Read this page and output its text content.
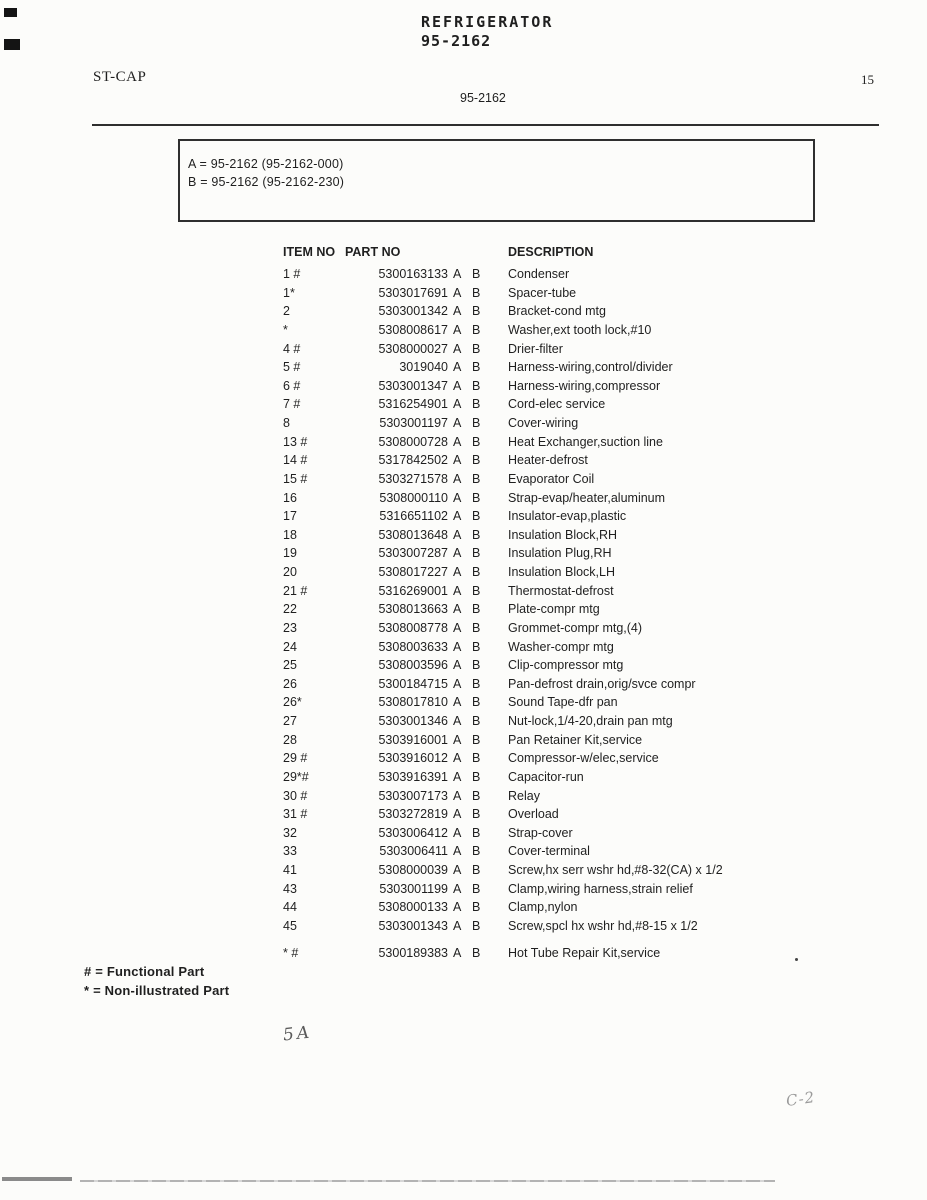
REFRIGERATOR
95-2162
ST-CAP	15
95-2162
A = 95-2162 (95-2162-000)
B = 95-2162 (95-2162-230)
ITEM NO PART NO	DESCRIPTION
1 #	5300163133 A B Condenser
1*	5303017691 A B Spacer-tube
2	5303001342 A B Bracket-cond mtg
*	5308008617 A B Washer,ext tooth lock,#10
4 #	5308000027 A B Drier-filter
5 #	3019040 A B Harness-wiring,control/divider
6 #	5303001347 A B Harness-wiring,compressor
7 #	5316254901 A B Cord-elec service
8	5303001197 A B Cover-wiring
13 #	5308000728 A B Heat Exchanger,suction line
14 #	5317842502 A B Heater-defrost
15 #	5303271578 A B Evaporator Coil
16	5308000110 A B Strap-evap/heater,aluminum
17	5316651102 A B Insulator-evap,plastic
18	5308013648 A B Insulation Block,RH
19	5303007287 A B Insulation Plug,RH
20	5308017227 A B Insulation Block,LH
21 #	5316269001 A B Thermostat-defrost
22	5308013663 A B Plate-compr mtg
23	5308008778 A B Grommet-compr mtg,(4)
24	5308003633 A B Washer-compr mtg
25	5308003596 A B Clip-compressor mtg
26	5300184715 A B Pan-defrost drain,orig/svce compr
26*	5308017810 A B Sound Tape-dfr pan
27	5303001346 A B Nut-lock,1/4-20,drain pan mtg
28	5303916001 A B Pan Retainer Kit,service
29 #	5303916012 A B Compressor-w/elec,service
29*#	5303916391 A B Capacitor-run
30 #	5303007173 A B Relay
31 #	5303272819 A B Overload
32	5303006412 A B Strap-cover
33	5303006411 A B Cover-terminal
41	5308000039 A B Screw,hx serr wshr hd,#8-32(CA) x 1/2
43	5303001199 A B Clamp,wiring harness,strain relief
44	5308000133 A B Clamp,nylon
45	5303001343 A B Screw,spcl hx wshr hd,#8-15 x 1/2
* #	5300189383 A B Hot Tube Repair Kit,service
# = Functional Part
* = Non-illustrated Part
5A
C-2
